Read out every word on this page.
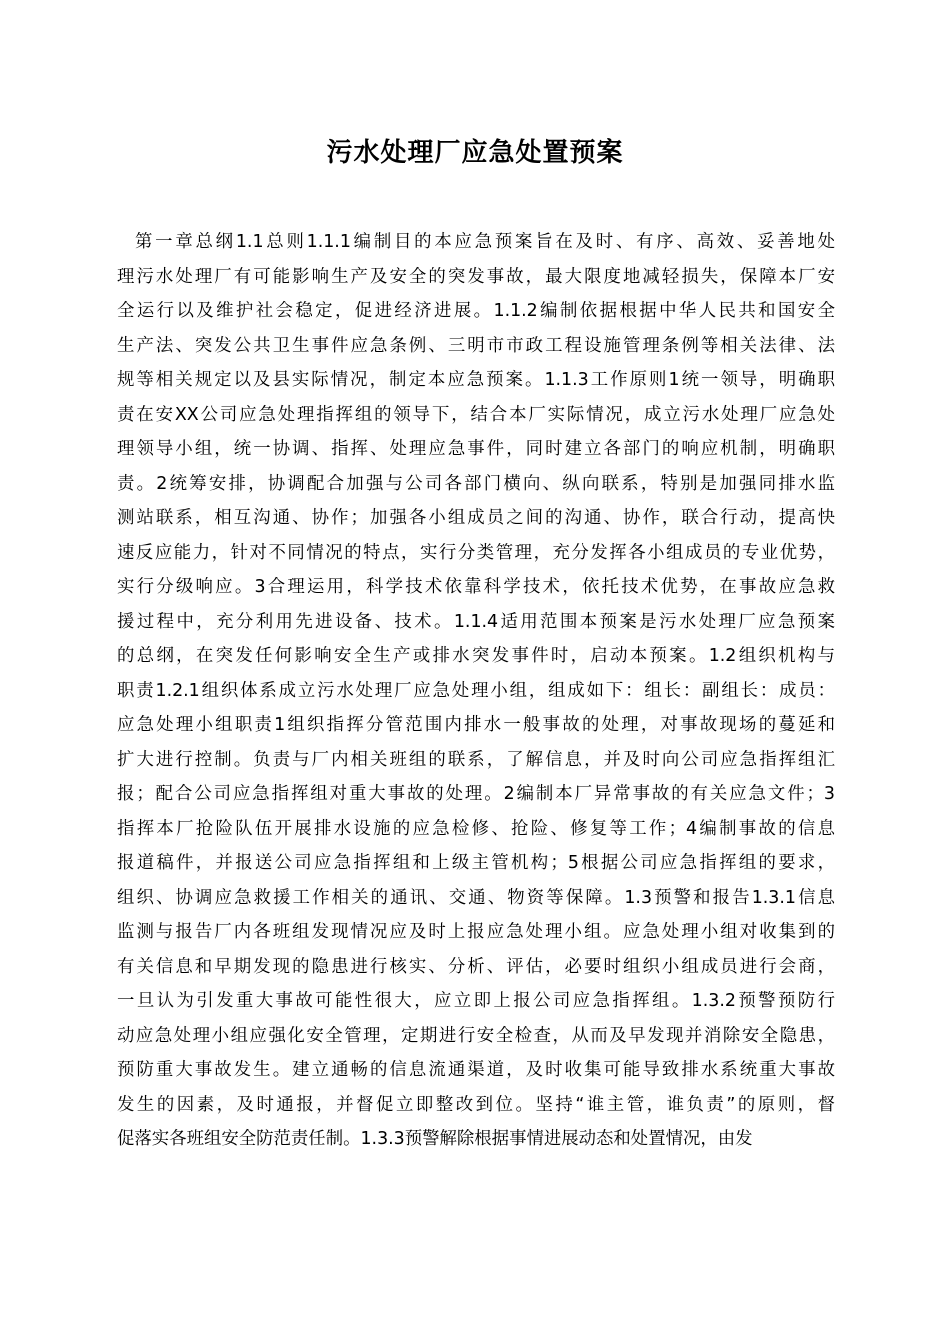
污水处理厂应急处置预案
第一章总纲1.1总则1.1.1编制目的本应急预案旨在及时、有序、高效、妥善地处
理污水处理厂有可能影响生产及安全的突发事故，最大限度地减轻损失，保障本厂安
全运行以及维护社会稳定，促进经济进展。1.1.2编制依据根据中华人民共和国安全
生产法、突发公共卫生事件应急条例、三明市市政工程设施管理条例等相关法律、法
规等相关规定以及县实际情况，制定本应急预案。1.1.3工作原则1统一领导，明确职
责在安XX公司应急处理指挥组的领导下，结合本厂实际情况，成立污水处理厂应急处
理领导小组，统一协调、指挥、处理应急事件，同时建立各部门的响应机制，明确职
责。2统筹安排，协调配合加强与公司各部门横向、纵向联系，特别是加强同排水监
测站联系，相互沟通、协作；加强各小组成员之间的沟通、协作，联合行动，提高快
速反应能力，针对不同情况的特点，实行分类管理，充分发挥各小组成员的专业优势，
实行分级响应。3合理运用，科学技术依靠科学技术，依托技术优势，在事故应急救
援过程中，充分利用先进设备、技术。1.1.4适用范围本预案是污水处理厂应急预案
的总纲，在突发任何影响安全生产或排水突发事件时，启动本预案。1.2组织机构与
职责1.2.1组织体系成立污水处理厂应急处理小组，组成如下：组长：副组长：成员：
应急处理小组职责1组织指挥分管范围内排水一般事故的处理，对事故现场的蔓延和
扩大进行控制。负责与厂内相关班组的联系，了解信息，并及时向公司应急指挥组汇
报；配合公司应急指挥组对重大事故的处理。2编制本厂异常事故的有关应急文件；3
指挥本厂抢险队伍开展排水设施的应急检修、抢险、修复等工作；4编制事故的信息
报道稿件，并报送公司应急指挥组和上级主管机构；5根据公司应急指挥组的要求，
组织、协调应急救援工作相关的通讯、交通、物资等保障。1.3预警和报告1.3.1信息
监测与报告厂内各班组发现情况应及时上报应急处理小组。应急处理小组对收集到的
有关信息和早期发现的隐患进行核实、分析、评估，必要时组织小组成员进行会商，
一旦认为引发重大事故可能性很大，应立即上报公司应急指挥组。1.3.2预警预防行
动应急处理小组应强化安全管理，定期进行安全检查，从而及早发现并消除安全隐患，
预防重大事故发生。建立通畅的信息流通渠道，及时收集可能导致排水系统重大事故
发生的因素，及时通报，并督促立即整改到位。坚持“谁主管，谁负责”的原则，督
促落实各班组安全防范责任制。1.3.3预警解除根据事情进展动态和处置情况，由发
